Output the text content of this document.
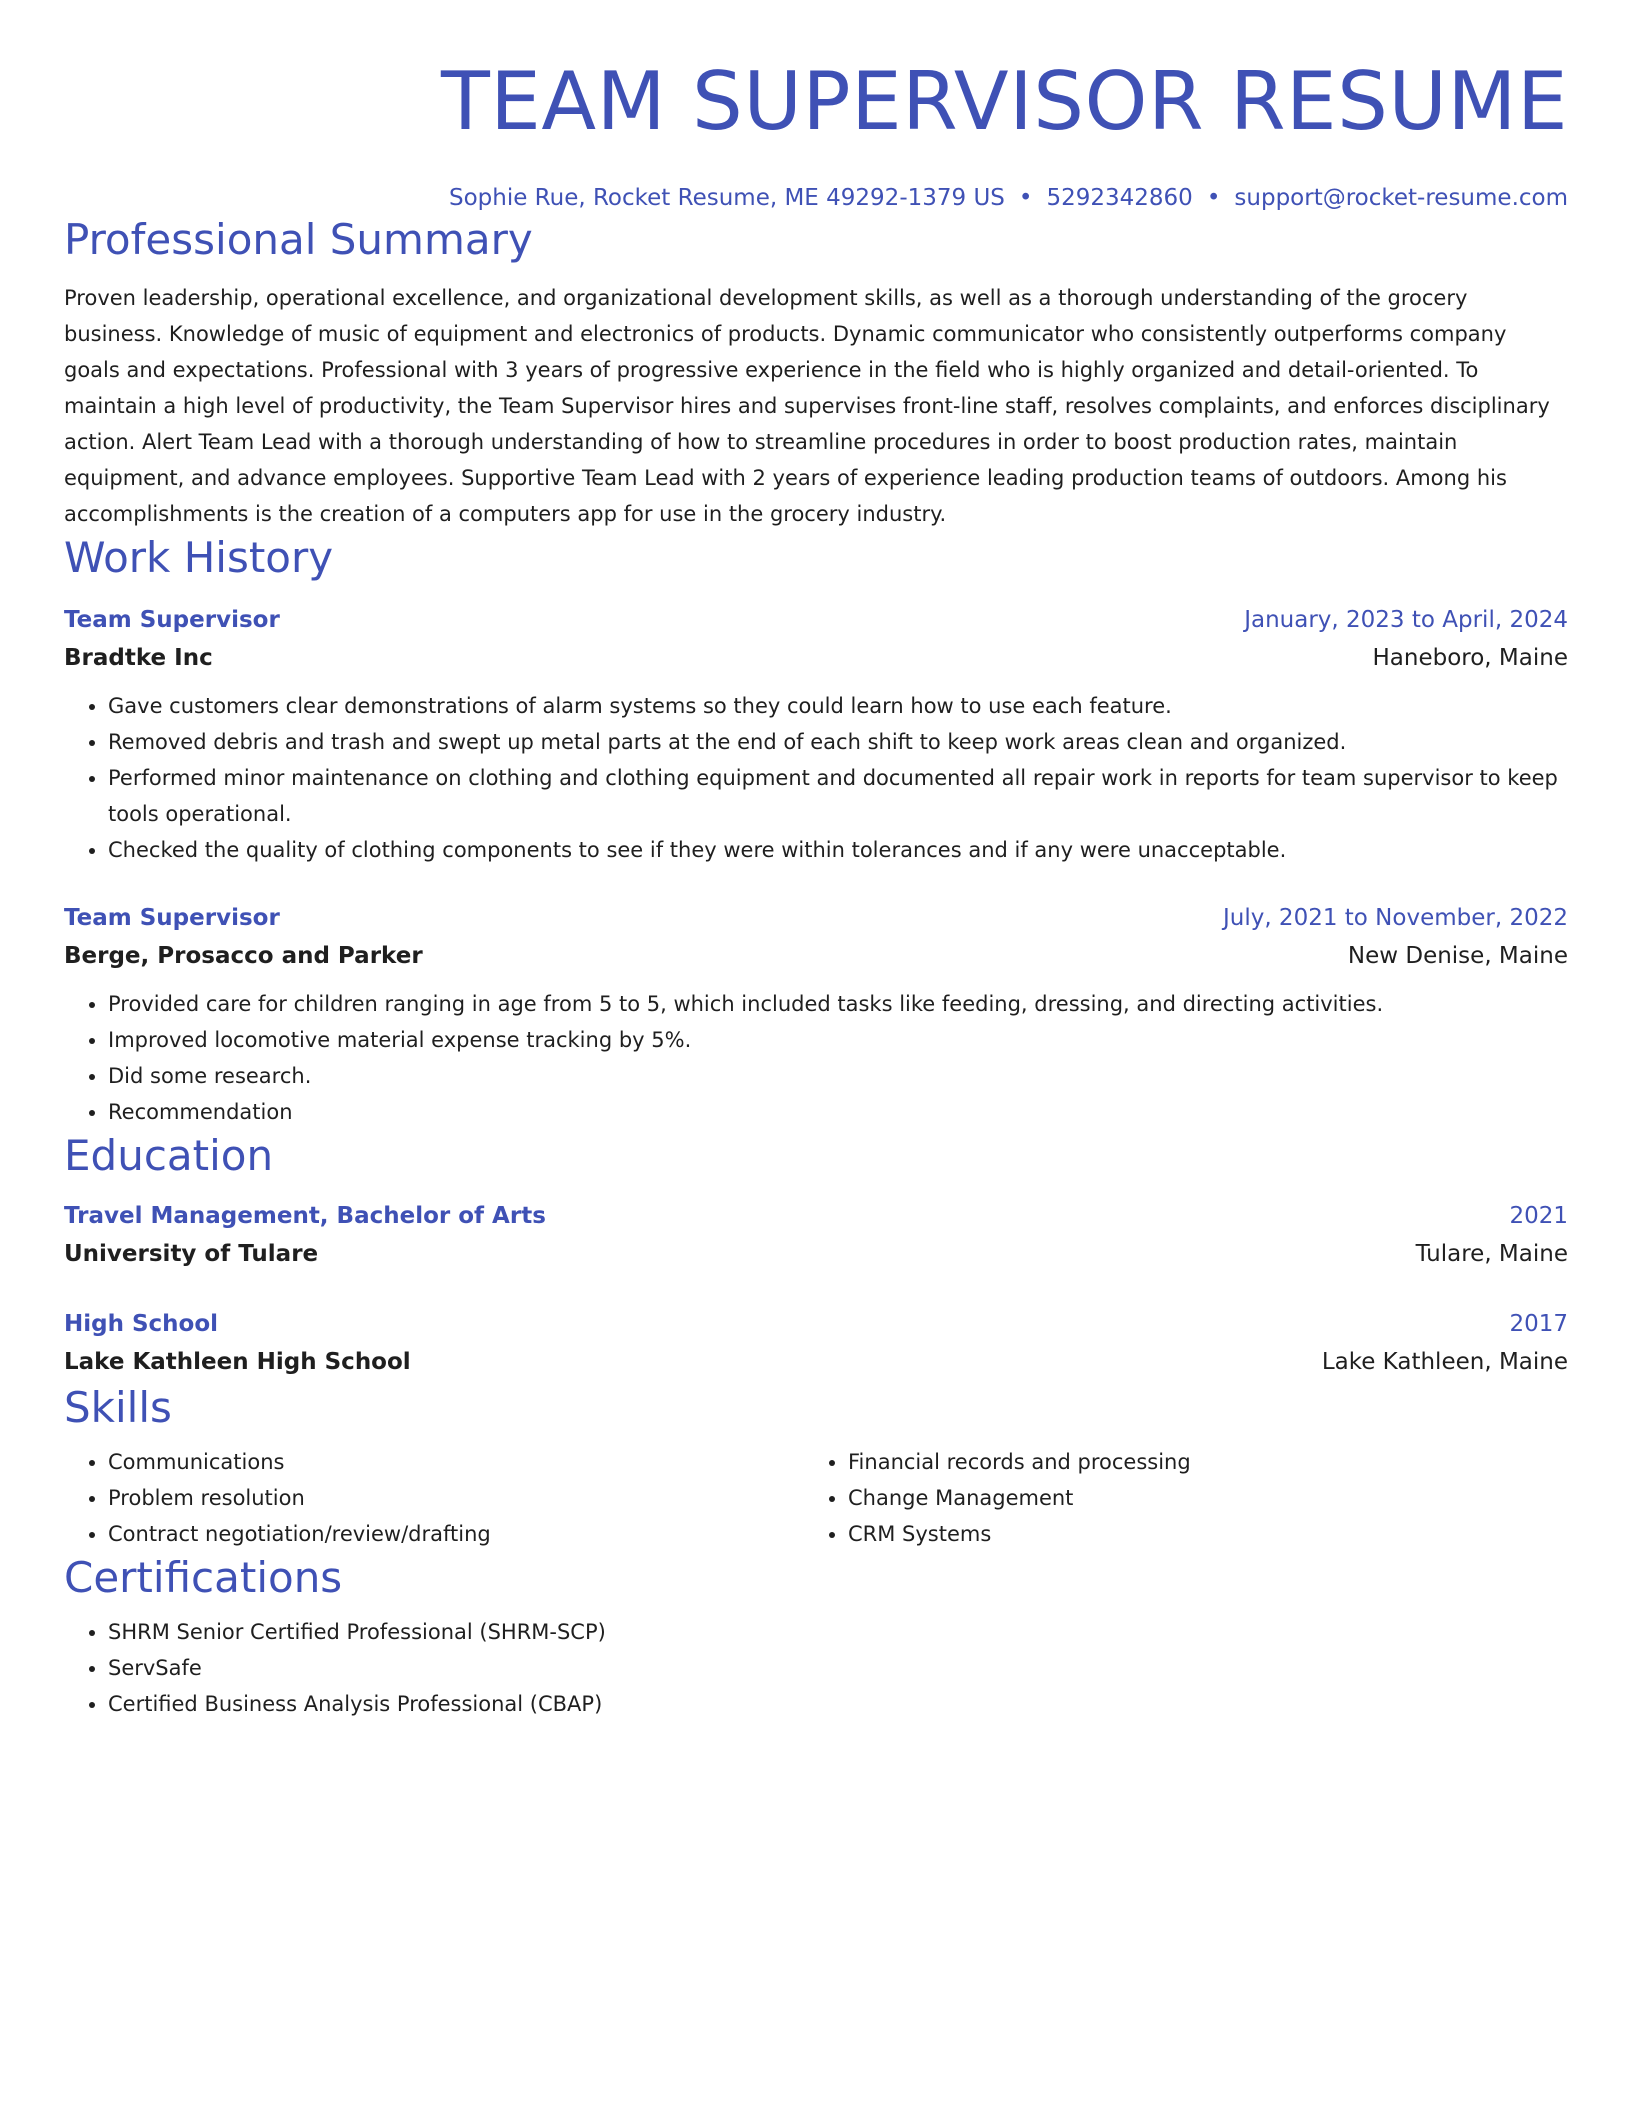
TEAM SUPERVISOR RESUME
Sophie Rue, Rocket Resume, ME 49292-1379 US • 5292342860 • support@rocket-resume.com
Professional Summary
Proven leadership, operational excellence, and organizational development skills, as well as a thorough understanding of the grocery business. Knowledge of music of equipment and electronics of products. Dynamic communicator who consistently outperforms company goals and expectations. Professional with 3 years of progressive experience in the field who is highly organized and detail-oriented. To maintain a high level of productivity, the Team Supervisor hires and supervises front-line staff, resolves complaints, and enforces disciplinary action. Alert Team Lead with a thorough understanding of how to streamline procedures in order to boost production rates, maintain equipment, and advance employees. Supportive Team Lead with 2 years of experience leading production teams of outdoors. Among his accomplishments is the creation of a computers app for use in the grocery industry.
Work History
Team Supervisor	January, 2023 to April, 2024
Bradtke Inc	Haneboro, Maine
• Gave customers clear demonstrations of alarm systems so they could learn how to use each feature.
• Removed debris and trash and swept up metal parts at the end of each shift to keep work areas clean and organized.
• Performed minor maintenance on clothing and clothing equipment and documented all repair work in reports for team supervisor to keep tools operational.
• Checked the quality of clothing components to see if they were within tolerances and if any were unacceptable.
Team Supervisor	July, 2021 to November, 2022
Berge, Prosacco and Parker	New Denise, Maine
• Provided care for children ranging in age from 5 to 5, which included tasks like feeding, dressing, and directing activities.
• Improved locomotive material expense tracking by 5%.
• Did some research.
• Recommendation
Education
Travel Management, Bachelor of Arts	2021
University of Tulare	Tulare, Maine
High School	2017
Lake Kathleen High School	Lake Kathleen, Maine
Skills
• Communications
• Problem resolution
• Contract negotiation/review/drafting
• Financial records and processing
• Change Management
• CRM Systems
Certifications
• SHRM Senior Certified Professional (SHRM-SCP)
• ServSafe
• Certified Business Analysis Professional (CBAP)
